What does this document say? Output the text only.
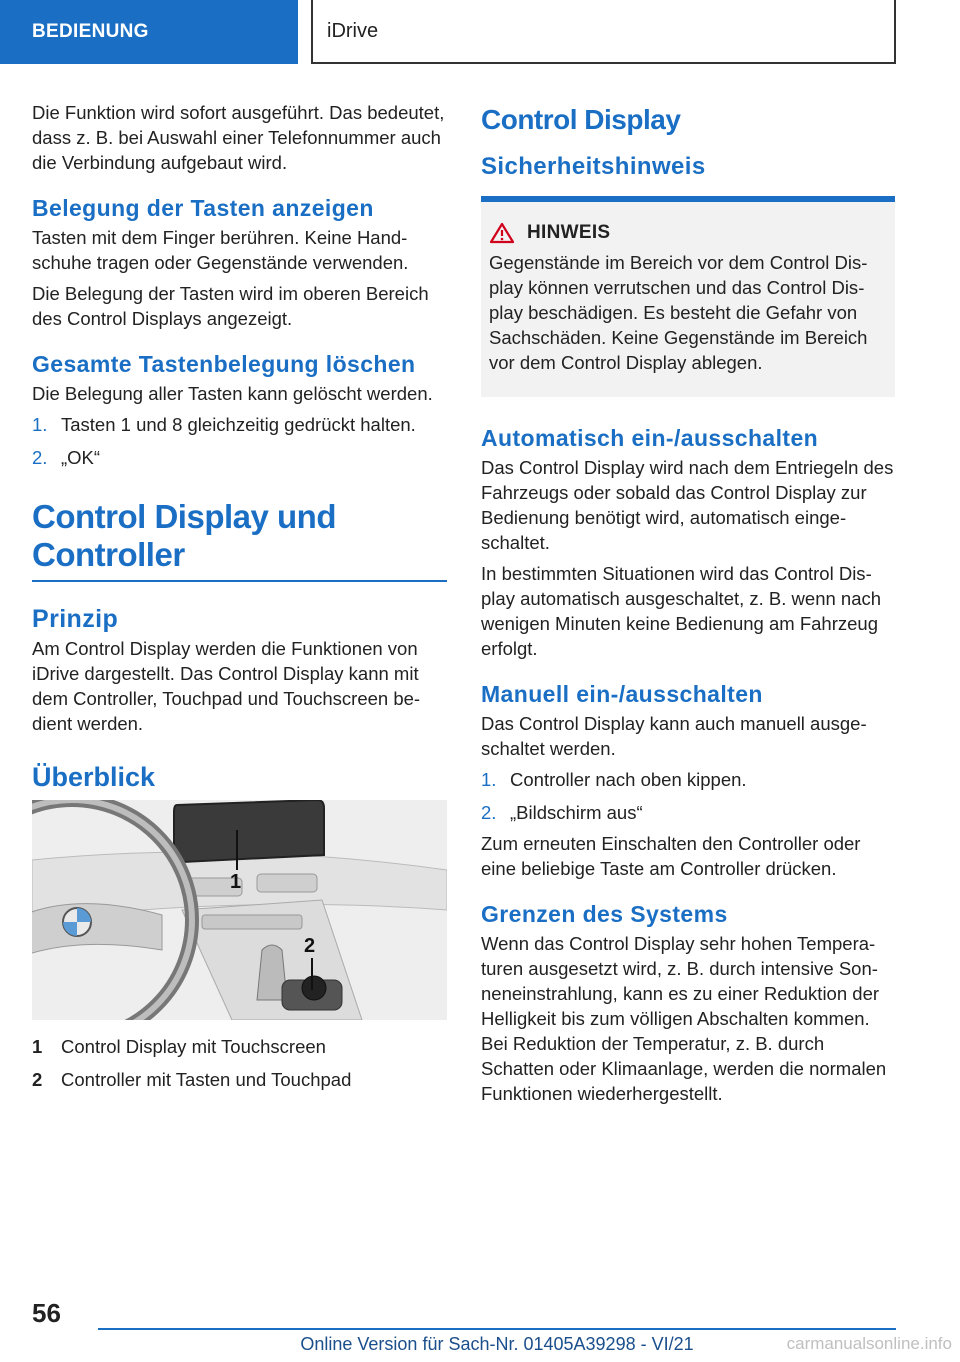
BEDIENUNG	iDrive

Die Funktion wird sofort ausgeführt. Das bedeutet, dass z. B. bei Auswahl einer Telefonnummer auch die Verbindung aufgebaut wird.

Belegung der Tasten anzeigen

Tasten mit dem Finger berühren. Keine Handschuhe tragen oder Gegenstände verwenden.

Die Belegung der Tasten wird im oberen Bereich des Control Displays angezeigt.

Gesamte Tastenbelegung löschen

Die Belegung aller Tasten kann gelöscht werden.

1. Tasten 1 und 8 gleichzeitig gedrückt halten.
2. „OK“
Control Display und Controller
Prinzip

Am Control Display werden die Funktionen von iDrive dargestellt. Das Control Display kann mit dem Controller, Touchpad und Touchscreen bedient werden.

Überblick
1
2
1	Control Display mit Touchscreen
2	Controller mit Tasten und Touchpad
Control Display
Sicherheitshinweis
HINWEIS

Gegenstände im Bereich vor dem Control Display können verrutschen und das Control Display beschädigen. Es besteht die Gefahr von Sachschäden. Keine Gegenstände im Bereich vor dem Control Display ablegen.

Automatisch ein-/ausschalten

Das Control Display wird nach dem Entriegeln des Fahrzeugs oder sobald das Control Display zur Bedienung benötigt wird, automatisch eingeschaltet.

In bestimmten Situationen wird das Control Display automatisch ausgeschaltet, z. B. wenn nach wenigen Minuten keine Bedienung am Fahrzeug erfolgt.

Manuell ein-/ausschalten

Das Control Display kann auch manuell ausgeschaltet werden.

1. Controller nach oben kippen.
2. „Bildschirm aus“

Zum erneuten Einschalten den Controller oder eine beliebige Taste am Controller drücken.

Grenzen des Systems

Wenn das Control Display sehr hohen Temperaturen ausgesetzt wird, z. B. durch intensive Sonneneinstrahlung, kann es zu einer Reduktion der Helligkeit bis zum völligen Abschalten kommen. Bei Reduktion der Temperatur, z. B. durch Schatten oder Klimaanlage, werden die normalen Funktionen wiederhergestellt.

56
Online Version für Sach-Nr. 01405A39298 - VI/21	carmanualsonline.info
